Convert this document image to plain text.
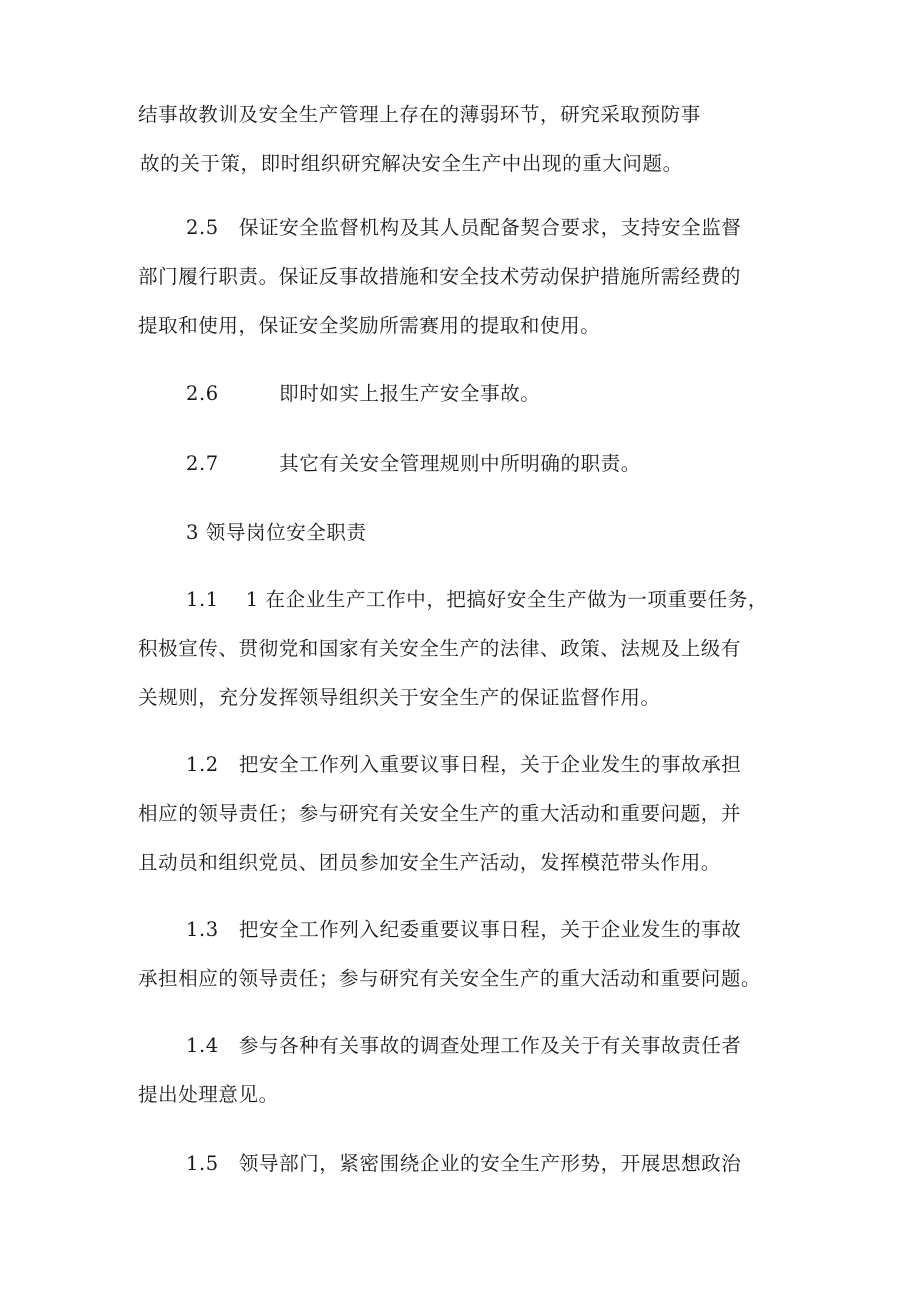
结事故教训及安全生产管理上存在的薄弱环节，研究采取预防事
故的关于策，即时组织研究解决安全生产中出现的重大问题。
2.5　保证安全监督机构及其人员配备契合要求，支持安全监督
部门履行职责。保证反事故措施和安全技术劳动保护措施所需经费的
提取和使用，保证安全奖励所需赛用的提取和使用。
2.6　　　即时如实上报生产安全事故。
2.7　　　其它有关安全管理规则中所明确的职责。
3 领导岗位安全职责
1.1　 1 在企业生产工作中，把搞好安全生产做为一项重要任务，
积极宣传、贯彻党和国家有关安全生产的法律、政策、法规及上级有
关规则，充分发挥领导组织关于安全生产的保证监督作用。
1.2　把安全工作列入重要议事日程，关于企业发生的事故承担
相应的领导责任；参与研究有关安全生产的重大活动和重要问题，并
且动员和组织党员、团员参加安全生产活动，发挥模范带头作用。
1.3　把安全工作列入纪委重要议事日程，关于企业发生的事故
承担相应的领导责任；参与研究有关安全生产的重大活动和重要问题。
1.4　参与各种有关事故的调查处理工作及关于有关事故责任者
提出处理意见。
1.5　领导部门，紧密围绕企业的安全生产形势，开展思想政治
